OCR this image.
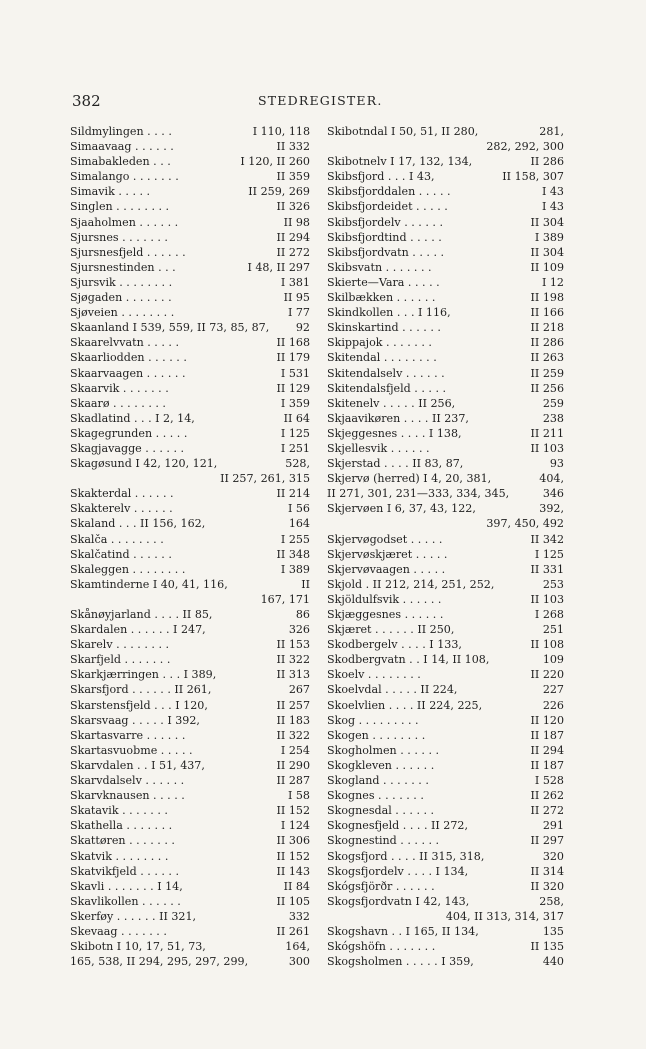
382	STEDREGISTER.
Sildmylingen . . . .	I 110, 118
Simaavaag . . . . . .	II 332
Simabakleden . . .	I 120, II 260
Simalango . . . . . . .	II 359
Simavik . . . . .	II 259, 269
Singlen . . . . . . . .	II 326
Sjaaholmen . . . . . .	II 98
Sjursnes . . . . . . .	II 294
Sjursnesfjeld . . . . . .	II 272
Sjursnestinden . . .	I 48, II 297
Sjursvik . . . . . . . .	I 381
Sjøgaden . . . . . . .	II 95
Sjøveien . . . . . . . .	I 77
Skaanland I 539, 559, II 73, 85, 87,	92
Skaarelvvatn . . . . .	II 168
Skaarliodden . . . . . .	II 179
Skaarvaagen . . . . . .	I 531
Skaarvik . . . . . . .	II 129
Skaarø . . . . . . . .	I 359
Skadlatind . . . I 2, 14,	II 64
Skagegrunden . . . . .	I 125
Skagjavagge . . . . . .	I 251
Skagøsund I 42, 120, 121,	528,
II 257, 261, 315
Skakterdal . . . . . .	II 214
Skakterelv . . . . . .	I 56
Skaland . . . II 156, 162,	164
Skalča . . . . . . . .	I 255
Skalčatind . . . . . .	II 348
Skaleggen . . . . . . . .	I 389
Skamtinderne I 40, 41, 116,	II
167, 171
Skånøyjarland . . . . II 85,	86
Skardalen . . . . . . I 247,	326
Skarelv . . . . . . . .	II 153
Skarfjeld . . . . . . .	II 322
Skarkjærringen . . . I 389,	II 313
Skarsfjord . . . . . . II 261,	267
Skarstensfjeld . . . I 120,	II 257
Skarsvaag . . . . . I 392,	II 183
Skartasvarre . . . . . .	II 322
Skartasvuobme . . . . .	I 254
Skarvdalen . . I 51, 437,	II 290
Skarvdalselv . . . . . .	II 287
Skarvknausen . . . . .	I 58
Skatavik . . . . . . .	II 152
Skathella . . . . . . .	I 124
Skattøren . . . . . . .	II 306
Skatvik . . . . . . . .	II 152
Skatvikfjeld . . . . . .	II 143
Skavli . . . . . . . I 14,	II 84
Skavlikollen . . . . . .	II 105
Skerføy . . . . . . II 321,	332
Skevaag . . . . . . .	II 261
Skibotn I 10, 17, 51, 73,	164,
165, 538, II 294, 295, 297, 299,	300
Skibotndal I 50, 51, II 280,	281,
282, 292, 300
Skibotnelv I 17, 132, 134,	II 286
Skibsfjord . . . I 43,	II 158, 307
Skibsfjorddalen . . . . .	I 43
Skibsfjordeidet . . . . .	I 43
Skibsfjordelv . . . . . .	II 304
Skibsfjordtind . . . . .	I 389
Skibsfjordvatn . . . . .	II 304
Skibsvatn . . . . . . .	II 109
Skierte—Vara . . . . .	I 12
Skilbækken . . . . . .	II 198
Skindkollen . . . I 116,	II 166
Skinskartind . . . . . .	II 218
Skippajok . . . . . . .	II 286
Skitendal . . . . . . . .	II 263
Skitendalselv . . . . . .	II 259
Skitendalsfjeld . . . . .	II 256
Skitenelv . . . . . II 256,	259
Skjaavikøren . . . . II 237,	238
Skjeggesnes . . . . I 138,	II 211
Skjellesvik . . . . . .	II 103
Skjerstad . . . . II 83, 87,	93
Skjervø (herred) I 4, 20, 381,	404,
II 271, 301, 231—333, 334, 345,	346
Skjervøen I 6, 37, 43, 122,	392,
397, 450, 492
Skjervøgodset . . . . .	II 342
Skjervøskjæret . . . . .	I 125
Skjervøvaagen . . . . .	II 331
Skjold . II 212, 214, 251, 252,	253
Skjöldulfsvik . . . . . .	II 103
Skjæggesnes . . . . . .	I 268
Skjæret . . . . . . II 250,	251
Skodbergelv . . . . I 133,	II 108
Skodbergvatn . . I 14, II 108,	109
Skoelv . . . . . . . .	II 220
Skoelvdal . . . . . II 224,	227
Skoelvlien . . . . II 224, 225,	226
Skog . . . . . . . . .	II 120
Skogen . . . . . . . .	II 187
Skogholmen . . . . . .	II 294
Skogkleven . . . . . .	II 187
Skogland . . . . . . .	I 528
Skognes . . . . . . .	II 262
Skognesdal . . . . . .	II 272
Skognesfjeld . . . . II 272,	291
Skognestind . . . . . .	II 297
Skogsfjord . . . . II 315, 318,	320
Skogsfjordelv . . . . I 134,	II 314
Skógsfjörðr . . . . . .	II 320
Skogsfjordvatn I 42, 143,	258,
404, II 313, 314, 317
Skogshavn . . I 165, II 134,	135
Skógshöfn . . . . . . .	II 135
Skogsholmen . . . . . I 359,	440
